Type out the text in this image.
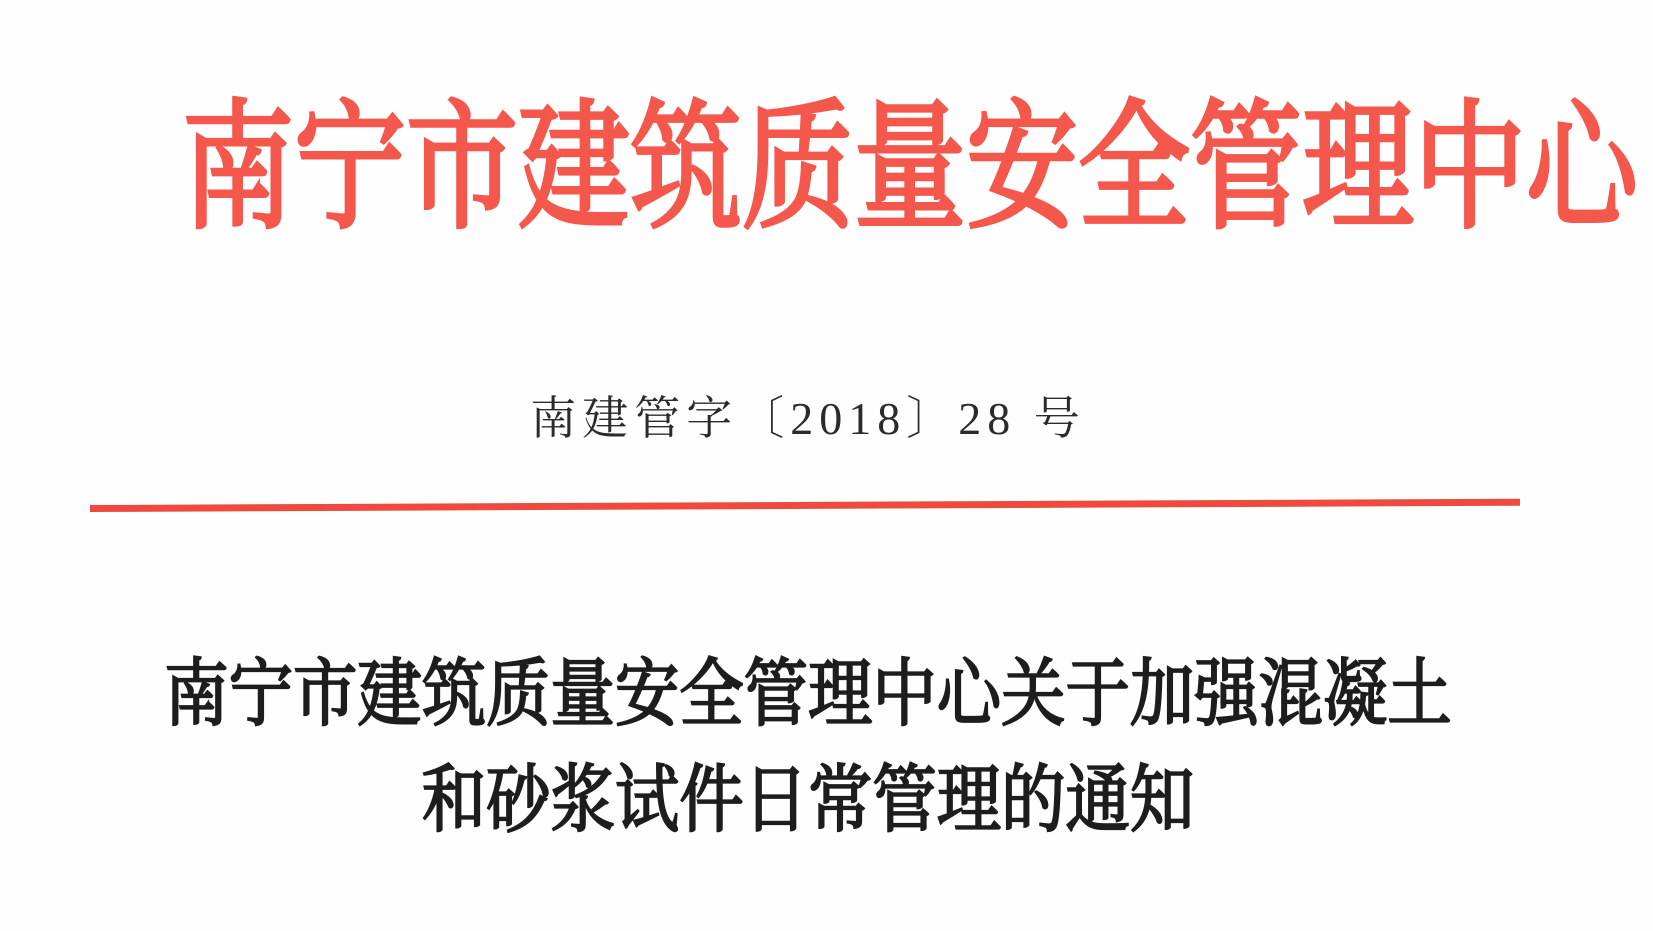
南宁市建筑质量安全管理中心
南建管字〔2018〕28 号
南宁市建筑质量安全管理中心关于加强混凝土
和砂浆试件日常管理的通知
